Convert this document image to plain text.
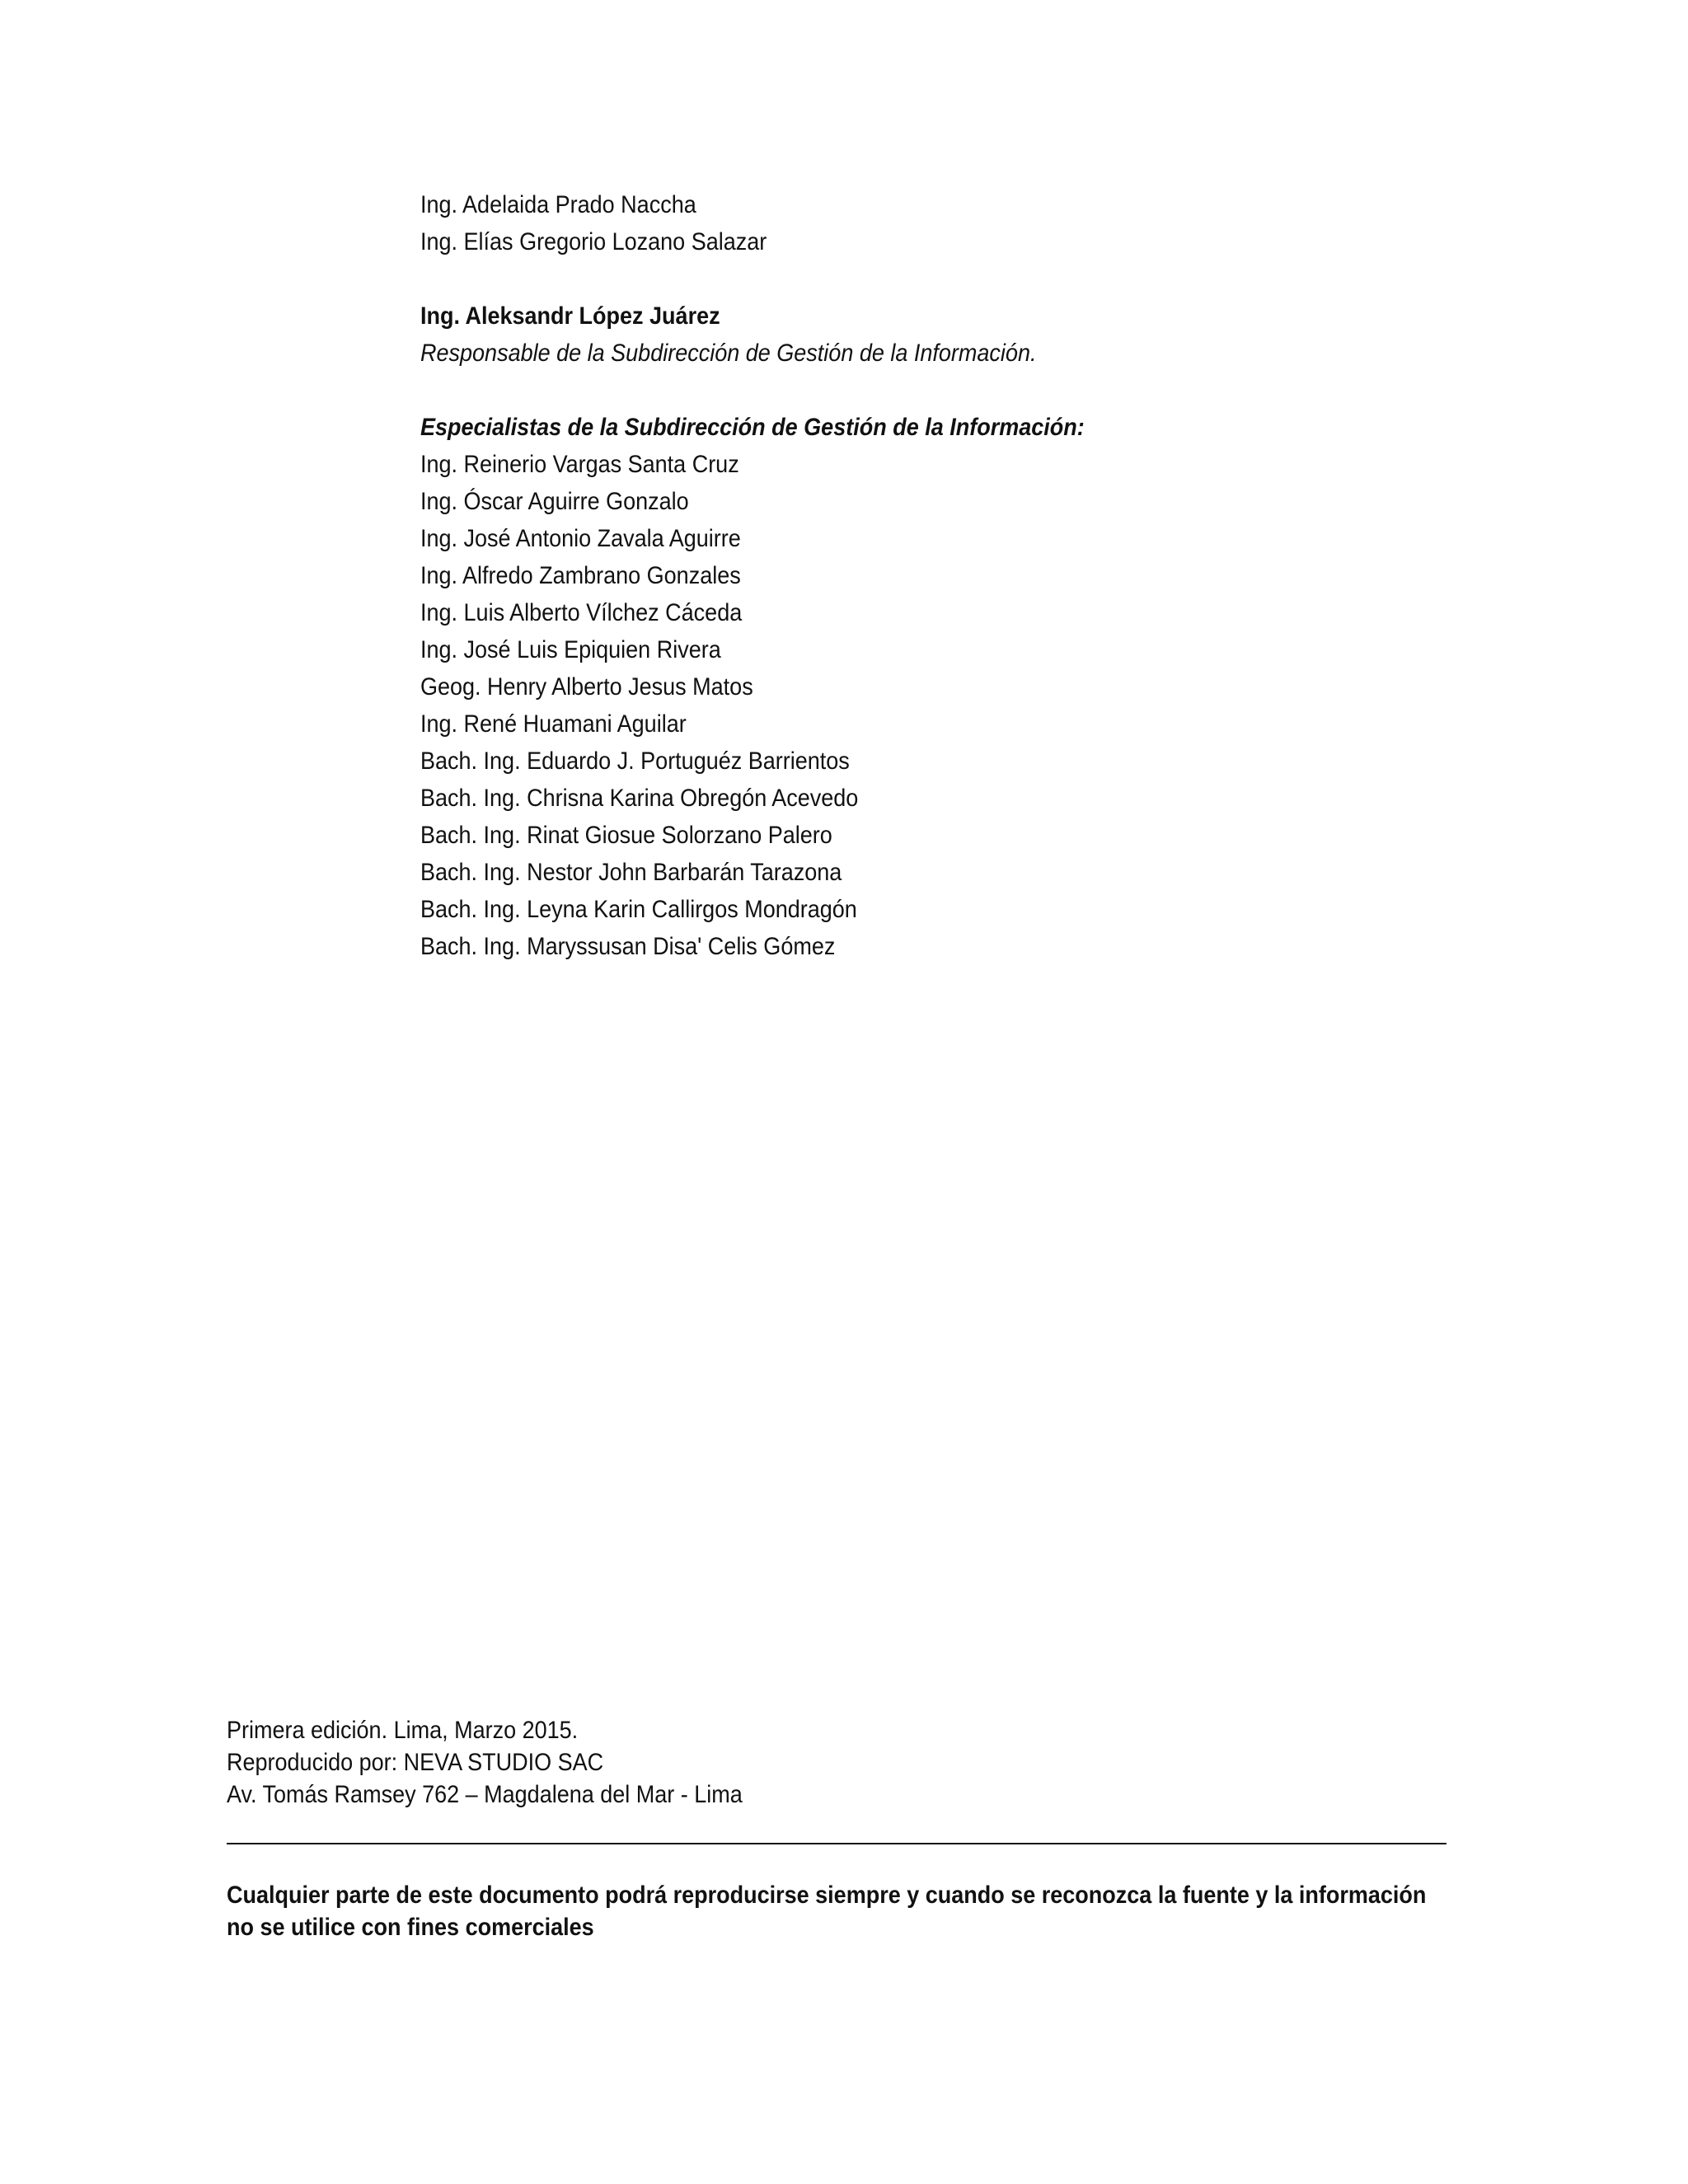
Ing. Adelaida Prado Naccha
Ing. Elías Gregorio Lozano Salazar
Ing. Aleksandr López Juárez
Responsable de la Subdirección de Gestión de la Información.
Especialistas de la Subdirección de Gestión de la Información:
Ing. Reinerio Vargas Santa Cruz
Ing. Óscar Aguirre Gonzalo
Ing. José Antonio Zavala Aguirre
Ing. Alfredo Zambrano Gonzales
Ing. Luis Alberto Vílchez Cáceda
Ing. José Luis Epiquien Rivera
Geog. Henry Alberto Jesus Matos
Ing. René Huamani Aguilar
Bach. Ing. Eduardo J. Portuguéz Barrientos
Bach. Ing. Chrisna Karina Obregón Acevedo
Bach. Ing. Rinat Giosue Solorzano Palero
Bach. Ing. Nestor John Barbarán Tarazona
Bach. Ing. Leyna Karin Callirgos Mondragón
Bach. Ing. Maryssusan Disa' Celis Gómez
Primera edición. Lima, Marzo 2015.
Reproducido por: NEVA STUDIO SAC
Av. Tomás Ramsey 762 – Magdalena del Mar - Lima
Cualquier parte de este documento podrá reproducirse siempre y cuando se reconozca la fuente y la información
no se utilice con fines comerciales
